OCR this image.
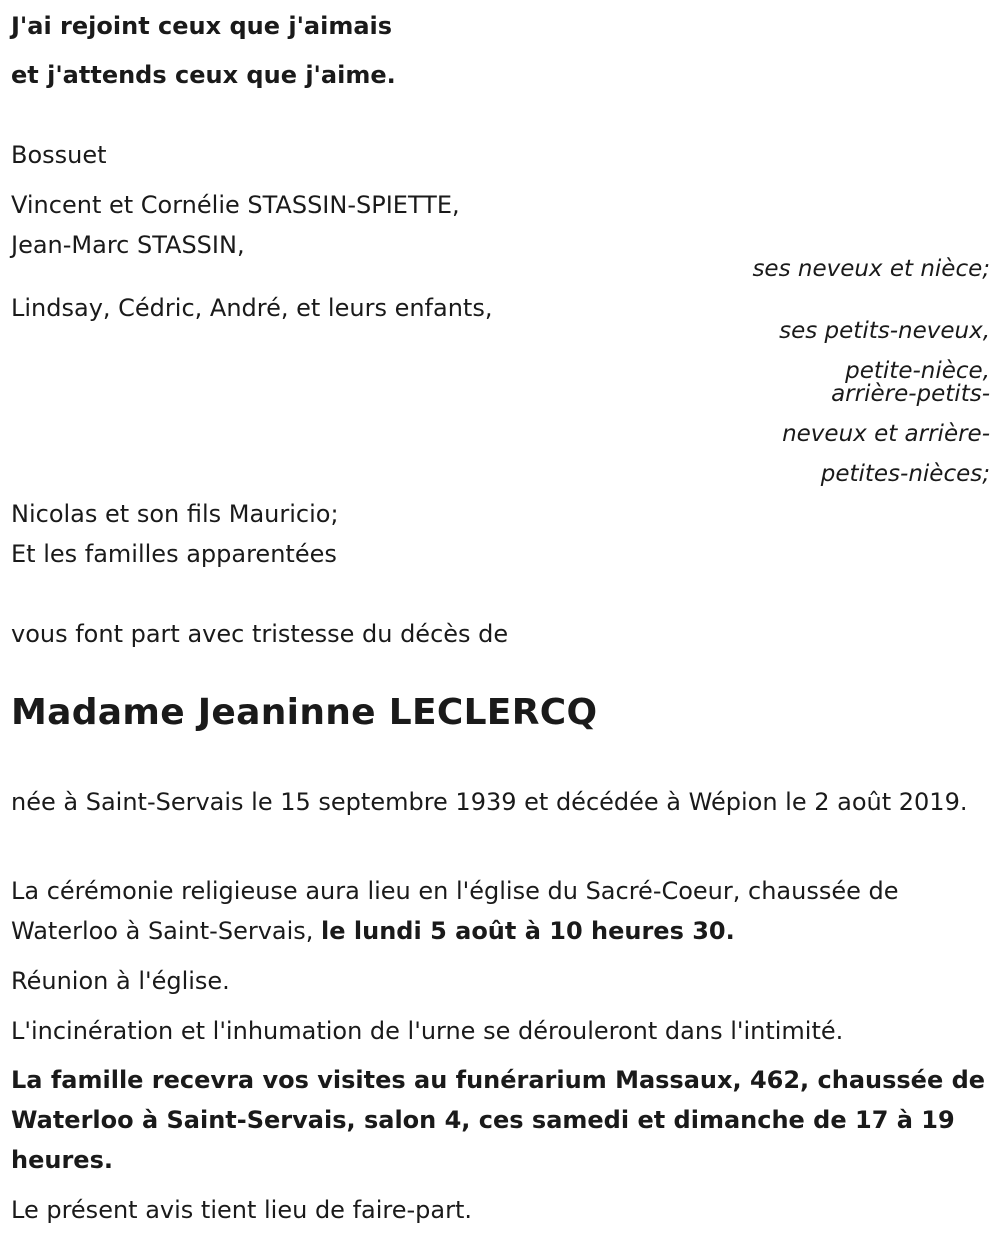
J'ai rejoint ceux que j'aimais
et j'attends ceux que j'aime.
Bossuet
Vincent et Cornélie STASSIN-SPIETTE,
Jean-Marc STASSIN,
ses neveux et nièce;
Lindsay, Cédric, André, et leurs enfants,
ses petits-neveux,
petite-nièce,
arrière-petits-
neveux et arrière-
petites-nièces;
Nicolas et son fils Mauricio;
Et les familles apparentées
vous font part avec tristesse du décès de
Madame Jeaninne LECLERCQ
née à Saint-Servais le 15 septembre 1939 et décédée à Wépion le 2 août 2019.
La cérémonie religieuse aura lieu en l'église du Sacré-Coeur, chaussée de Waterloo à Saint-Servais, le lundi 5 août à 10 heures 30.
Réunion à l'église.
L'incinération et l'inhumation de l'urne se dérouleront dans l'intimité.
La famille recevra vos visites au funérarium Massaux, 462, chaussée de Waterloo à Saint-Servais, salon 4, ces samedi et dimanche de 17 à 19 heures.
Le présent avis tient lieu de faire-part.
